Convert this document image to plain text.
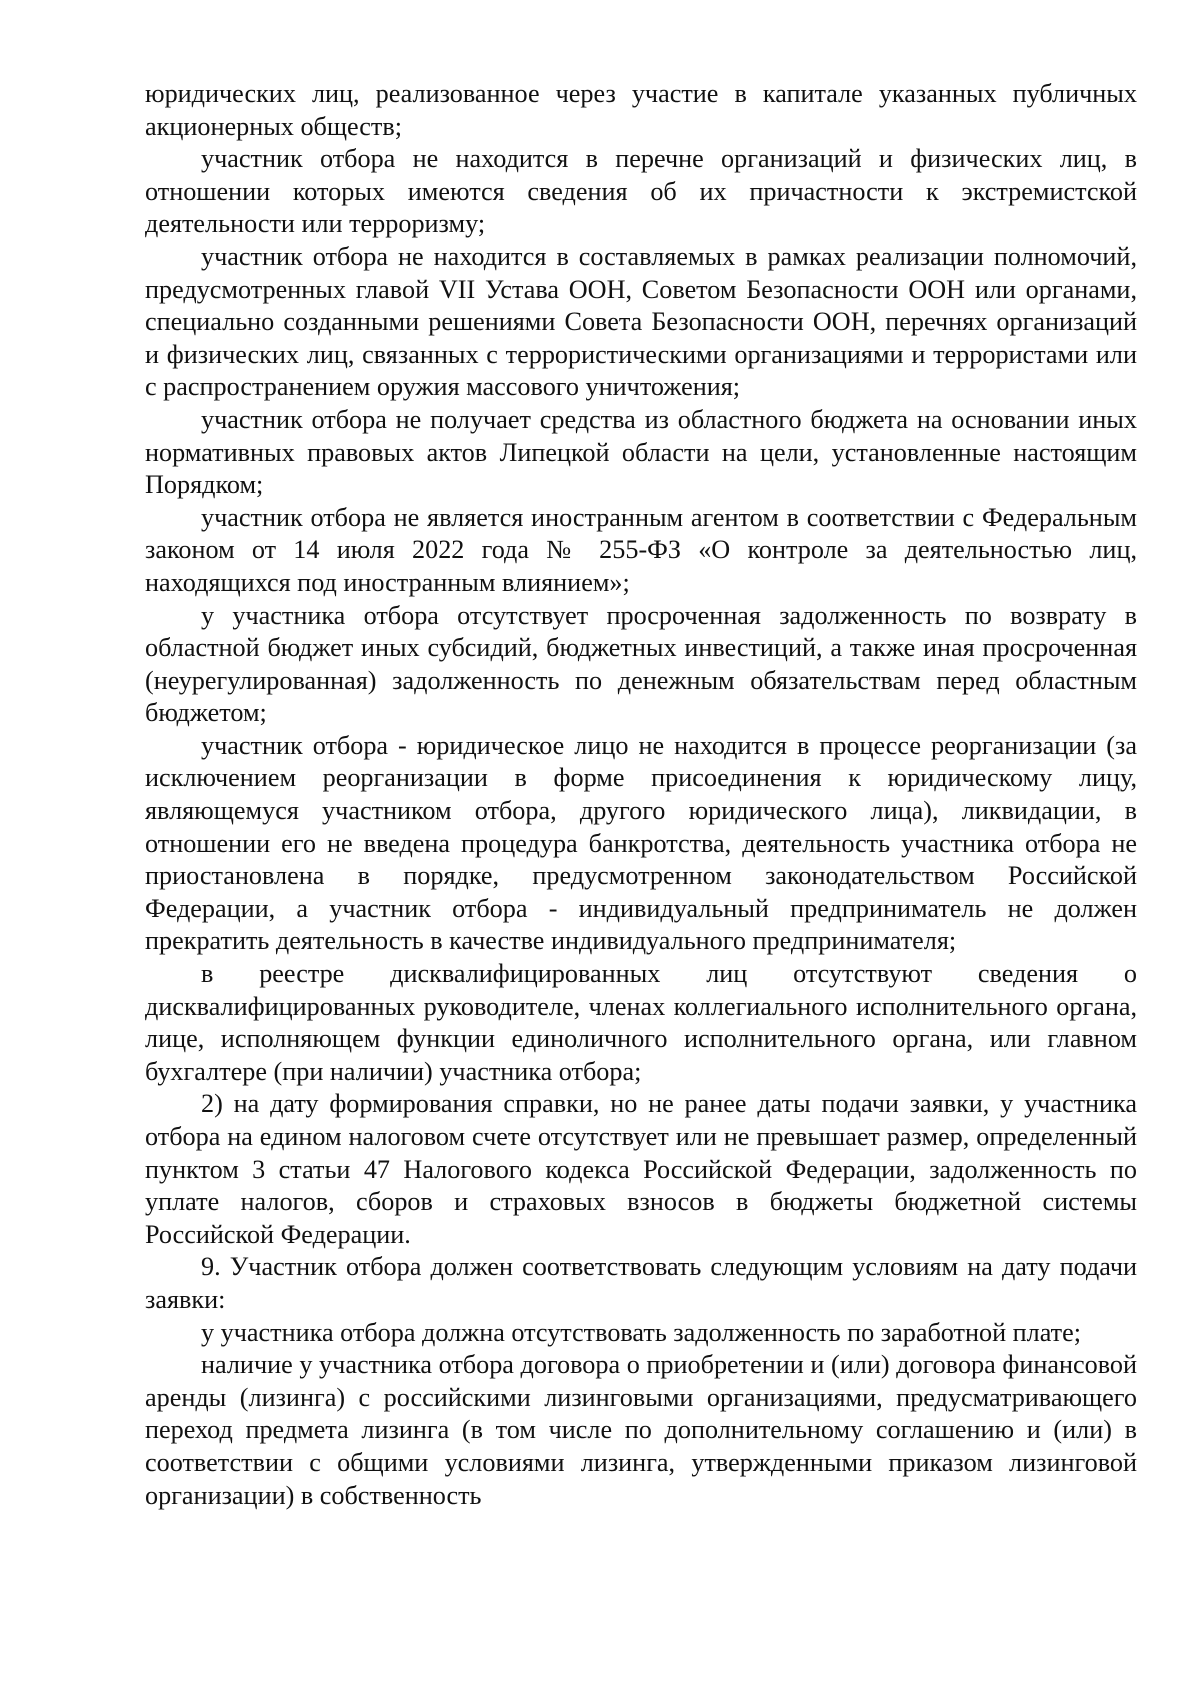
юридических лиц, реализованное через участие в капитале указанных публичных акционерных обществ;

участник отбора не находится в перечне организаций и физических лиц, в отношении которых имеются сведения об их причастности к экстремистской деятельности или терроризму;

участник отбора не находится в составляемых в рамках реализации полномочий, предусмотренных главой VII Устава ООН, Советом Безопасности ООН или органами, специально созданными решениями Совета Безопасности ООН, перечнях организаций и физических лиц, связанных с террористическими организациями и террористами или с распространением оружия массового уничтожения;

участник отбора не получает средства из областного бюджета на основании иных нормативных правовых актов Липецкой области на цели, установленные настоящим Порядком;

участник отбора не является иностранным агентом в соответствии с Федеральным законом от 14 июля 2022 года № 255-ФЗ «О контроле за деятельностью лиц, находящихся под иностранным влиянием»;

у участника отбора отсутствует просроченная задолженность по возврату в областной бюджет иных субсидий, бюджетных инвестиций, а также иная просроченная (неурегулированная) задолженность по денежным обязательствам перед областным бюджетом;

участник отбора - юридическое лицо не находится в процессе реорганизации (за исключением реорганизации в форме присоединения к юридическому лицу, являющемуся участником отбора, другого юридического лица), ликвидации, в отношении его не введена процедура банкротства, деятельность участника отбора не приостановлена в порядке, предусмотренном законодательством Российской Федерации, а участник отбора - индивидуальный предприниматель не должен прекратить деятельность в качестве индивидуального предпринимателя;

в реестре дисквалифицированных лиц отсутствуют сведения о дисквалифицированных руководителе, членах коллегиального исполнительного органа, лице, исполняющем функции единоличного исполнительного органа, или главном бухгалтере (при наличии) участника отбора;

2) на дату формирования справки, но не ранее даты подачи заявки, у участника отбора на едином налоговом счете отсутствует или не превышает размер, определенный пунктом 3 статьи 47 Налогового кодекса Российской Федерации, задолженность по уплате налогов, сборов и страховых взносов в бюджеты бюджетной системы Российской Федерации.

9. Участник отбора должен соответствовать следующим условиям на дату подачи заявки:

у участника отбора должна отсутствовать задолженность по заработной плате;

наличие у участника отбора договора о приобретении и (или) договора финансовой аренды (лизинга) с российскими лизинговыми организациями, предусматривающего переход предмета лизинга (в том числе по дополнительному соглашению и (или) в соответствии с общими условиями лизинга, утвержденными приказом лизинговой организации) в собственность
